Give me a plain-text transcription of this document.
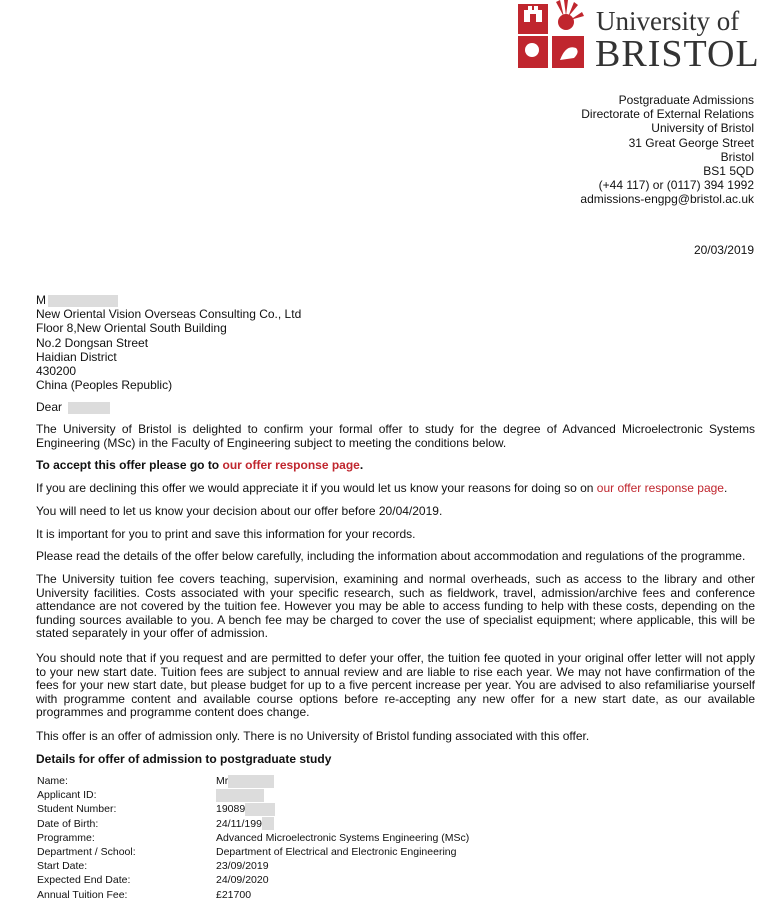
University of
BRISTOL
Postgraduate Admissions
Directorate of External Relations
University of Bristol
31 Great George Street
Bristol
BS1 5QD
(+44 117) or (0117) 394 1992
admissions-engpg@bristol.ac.uk
20/03/2019
M
New Oriental Vision Overseas Consulting Co., Ltd
Floor 8,New Oriental South Building
No.2 Dongsan Street
Haidian District
430200
China (Peoples Republic)
Dear
The University of Bristol is delighted to confirm your formal offer to study for the degree of Advanced Microelectronic Systems Engineering (MSc) in the Faculty of Engineering subject to meeting the conditions below.
To accept this offer please go to our offer response page.
If you are declining this offer we would appreciate it if you would let us know your reasons for doing so on our offer response page.
You will need to let us know your decision about our offer before 20/04/2019.
It is important for you to print and save this information for your records.
Please read the details of the offer below carefully, including the information about accommodation and regulations of the programme.
The University tuition fee covers teaching, supervision, examining and normal overheads, such as access to the library and other University facilities. Costs associated with your specific research, such as fieldwork, travel, admission/archive fees and conference attendance are not covered by the tuition fee. However you may be able to access funding to help with these costs, depending on the funding sources available to you. A bench fee may be charged to cover the use of specialist equipment; where applicable, this will be stated separately in your offer of admission.
You should note that if you request and are permitted to defer your offer, the tuition fee quoted in your original offer letter will not apply to your new start date. Tuition fees are subject to annual review and are liable to rise each year. We may not have confirmation of the fees for your new start date, but please budget for up to a five percent increase per year. You are advised to also refamiliarise yourself with programme content and available course options before re-accepting any new offer for a new start date, as our available programmes and programme content does change.
This offer is an offer of admission only. There is no University of Bristol funding associated with this offer.
Details for offer of admission to postgraduate study
Name:	Mr
Applicant ID:
Student Number:	19089
Date of Birth:	24/11/199
Programme:	Advanced Microelectronic Systems Engineering (MSc)
Department / School:	Department of Electrical and Electronic Engineering
Start Date:	23/09/2019
Expected End Date:	24/09/2020
Annual Tuition Fee:	£21700
